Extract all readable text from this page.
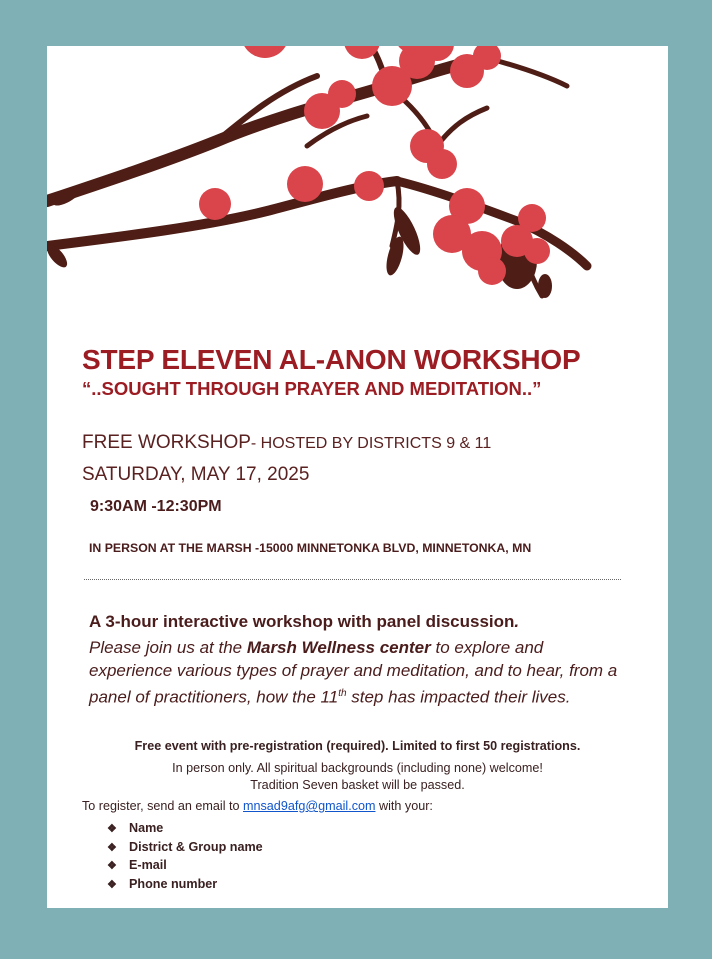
STEP ELEVEN AL-ANON WORKSHOP
“..SOUGHT THROUGH PRAYER AND MEDITATION..”
FREE WORKSHOP- HOSTED BY DISTRICTS 9 & 11
SATURDAY, MAY 17, 2025
9:30AM -12:30PM
IN PERSON AT THE MARSH -15000 MINNETONKA BLVD, MINNETONKA, MN
A 3-hour interactive workshop with panel discussion.
Please join us at the Marsh Wellness center to explore and experience various types of prayer and meditation, and to hear, from a panel of practitioners, how the 11th step has impacted their lives.
Free event with pre-registration (required). Limited to first 50 registrations.
In person only. All spiritual backgrounds (including none) welcome!
Tradition Seven basket will be passed.
To register, send an email to mnsad9afg@gmail.com with your:
❖ Name
❖ District & Group name
❖ E-mail
❖ Phone number
